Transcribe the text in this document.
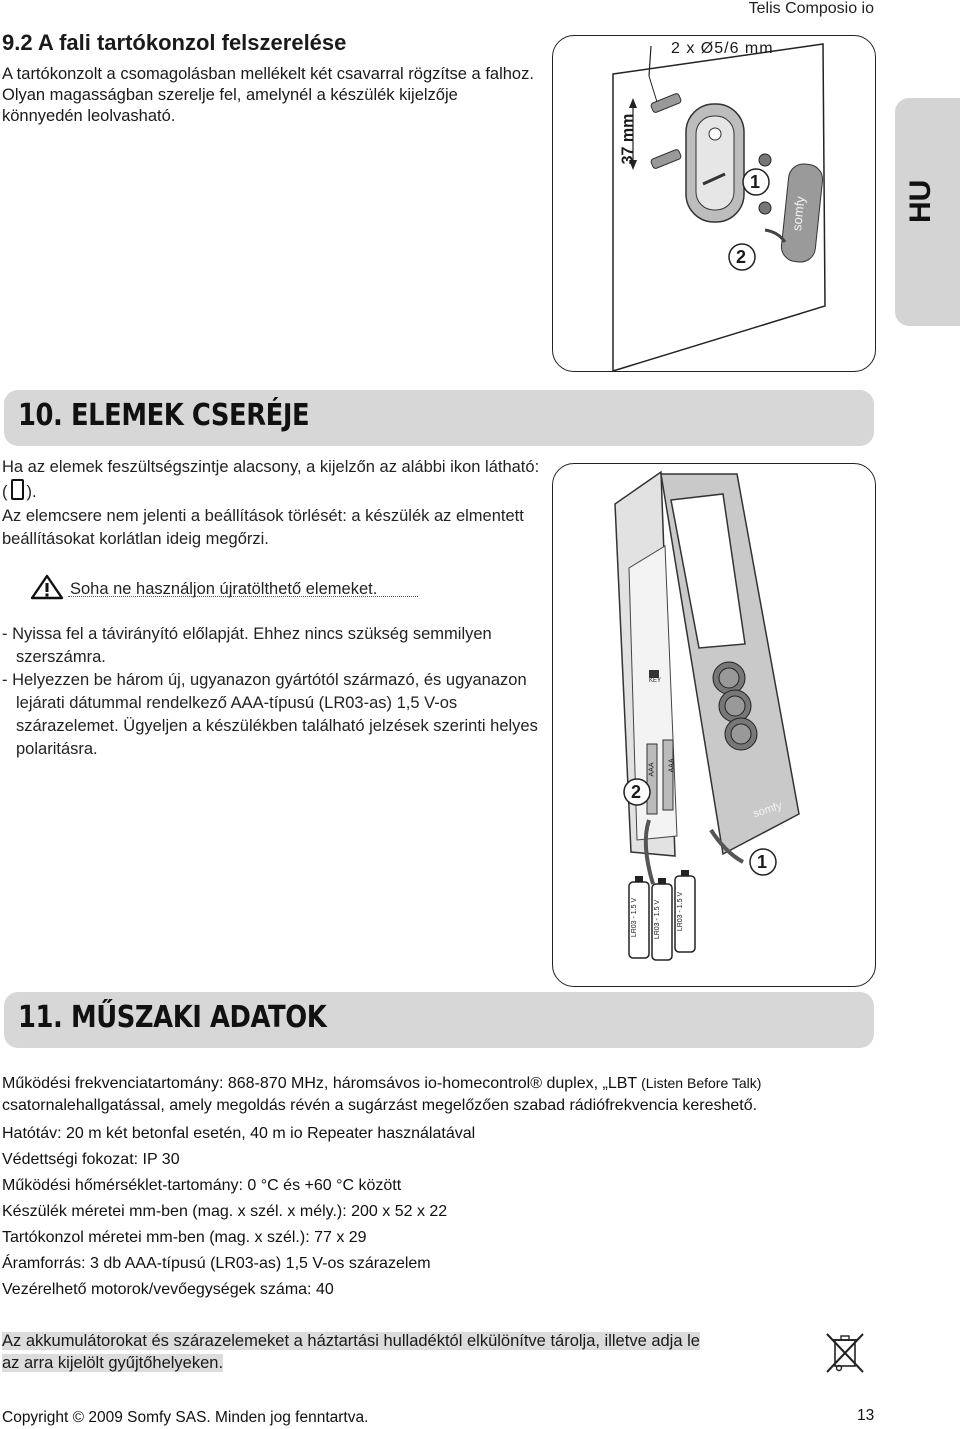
Telis Composio io
9.2 A fali tartókonzol felszerelése
A tartókonzolt a csomagolásban mellékelt két csavarral rögzítse a falhoz. Olyan magasságban szerelje fel, amelynél a készülék kijelzője könnyedén leolvasható.
2 x Ø5/6 mm
37 mm
1
2
somfy	HU
10. ELEMEK CSERÉJE
Ha az elemek feszültségszintje alacsony, a kijelzőn az alábbi ikon látható: ( ).
Az elemcsere nem jelenti a beállítások törlését: a készülék az elmentett beállításokat korlátlan ideig megőrzi.
Soha ne használjon újratölthető elemeket.
- Nyissa fel a távirányító előlapját. Ehhez nincs szükség semmilyen szerszámra.
- Helyezzen be három új, ugyanazon gyártótól származó, és ugyanazon lejárati dátummal rendelkező AAA-típusú (LR03-as) 1,5 V-os szárazelemet. Ügyeljen a készülékben található jelzések szerinti helyes polaritásra.
2
1
somfy
KEY
AAA AAA
LR03 - 1.5 V LR03 - 1.5 V LR03 - 1.5 V
11. MŰSZAKI ADATOK
Működési frekvenciatartomány: 868-870 MHz, háromsávos io-homecontrol® duplex, „LBT (Listen Before Talk)
csatornalehallgatással, amely megoldás révén a sugárzást megelőzően szabad rádiófrekvencia kereshető.
Hatótáv: 20 m két betonfal esetén, 40 m io Repeater használatával
Védettségi fokozat: IP 30
Működési hőmérséklet-tartomány: 0 °C és +60 °C között
Készülék méretei mm-ben (mag. x szél. x mély.): 200 x 52 x 22
Tartókonzol méretei mm-ben (mag. x szél.): 77 x 29
Áramforrás: 3 db AAA-típusú (LR03-as) 1,5 V-os szárazelem
Vezérelhető motorok/vevőegységek száma: 40
Az akkumulátorokat és szárazelemeket a háztartási hulladéktól elkülönítve tárolja, illetve adja le
az arra kijelölt gyűjtőhelyeken.
Copyright © 2009 Somfy SAS. Minden jog fenntartva.	13
